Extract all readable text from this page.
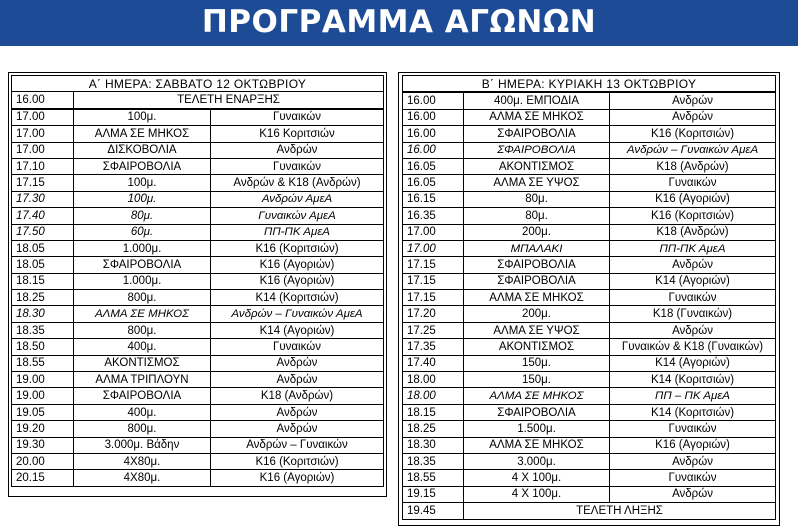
ΠΡΟΓΡΑΜΜΑ ΑΓΩΝΩΝ
Α΄ ΗΜΕΡΑ: ΣΑΒΒΑΤΟ 12 ΟΚΤΩΒΡΙΟΥ		
16.00	ΤΕΛΕΤΗ ΕΝΑΡΞΗΣ	
17.00	100μ.	Γυναικών
17.00	ΑΛΜΑ ΣΕ ΜΗΚΟΣ	Κ16 Κοριτσιών
17.00	ΔΙΣΚΟΒΟΛΙΑ	Ανδρών
17.10	ΣΦΑΙΡΟΒΟΛΙΑ	Γυναικών
17.15	100μ.	Ανδρών & Κ18 (Ανδρών)
17.30	100μ.	Ανδρών ΑμεΑ
17.40	80μ.	Γυναικών ΑμεΑ
17.50	60μ.	ΠΠ-ΠΚ ΑμεΑ
18.05	1.000μ.	Κ16 (Κοριτσιών)
18.05	ΣΦΑΙΡΟΒΟΛΙΑ	Κ16 (Αγοριών)
18.15	1.000μ.	Κ16 (Αγοριών)
18.25	800μ.	Κ14 (Κοριτσιών)
18.30	ΑΛΜΑ ΣΕ ΜΗΚΟΣ	Ανδρών – Γυναικών ΑμεΑ
18.35	800μ.	Κ14 (Αγοριών)
18.50	400μ.	Γυναικών
18.55	ΑΚΟΝΤΙΣΜΟΣ	Ανδρών
19.00	ΑΛΜΑ ΤΡΙΠΛΟΥΝ	Ανδρών
19.00	ΣΦΑΙΡΟΒΟΛΙΑ	Κ18 (Ανδρών)
19.05	400μ.	Ανδρών
19.20	800μ.	Ανδρών
19.30	3.000μ. Βάδην	Ανδρών – Γυναικών
20.00	4Χ80μ.	Κ16 (Κοριτσιών)
20.15	4Χ80μ.	Κ16 (Αγοριών)
Β΄ ΗΜΕΡΑ: ΚΥΡΙΑΚΗ 13 ΟΚΤΩΒΡΙΟΥ		
16.00	400μ. ΕΜΠΟΔΙΑ	Ανδρών
16.00	ΑΛΜΑ ΣΕ ΜΗΚΟΣ	Ανδρών
16.00	ΣΦΑΙΡΟΒΟΛΙΑ	Κ16 (Κοριτσιών)
16.00	ΣΦΑΙΡΟΒΟΛΙΑ	Ανδρών – Γυναικών ΑμεΑ
16.05	ΑΚΟΝΤΙΣΜΟΣ	Κ18 (Ανδρών)
16.05	ΑΛΜΑ ΣΕ ΥΨΟΣ	Γυναικών
16.15	80μ.	Κ16 (Αγοριών)
16.35	80μ.	Κ16 (Κοριτσιών)
17.00	200μ.	Κ18 (Ανδρών)
17.00	ΜΠΑΛΑΚΙ	ΠΠ-ΠΚ ΑμεΑ
17.15	ΣΦΑΙΡΟΒΟΛΙΑ	Ανδρών
17.15	ΣΦΑΙΡΟΒΟΛΙΑ	Κ14 (Αγοριών)
17.15	ΑΛΜΑ ΣΕ ΜΗΚΟΣ	Γυναικών
17.20	200μ.	Κ18 (Γυναικών)
17.25	ΑΛΜΑ ΣΕ ΥΨΟΣ	Ανδρών
17.35	ΑΚΟΝΤΙΣΜΟΣ	Γυναικών & Κ18 (Γυναικών)
17.40	150μ.	Κ14 (Αγοριών)
18.00	150μ.	Κ14 (Κοριτσιών)
18.00	ΑΛΜΑ ΣΕ ΜΗΚΟΣ	ΠΠ – ΠΚ ΑμεΑ
18.15	ΣΦΑΙΡΟΒΟΛΙΑ	Κ14 (Κοριτσιών)
18.25	1.500μ.	Γυναικών
18.30	ΑΛΜΑ ΣΕ ΜΗΚΟΣ	Κ16 (Αγοριών)
18.35	3.000μ.	Ανδρών
18.55	4 Χ 100μ.	Γυναικών
19.15	4 Χ 100μ.	Ανδρών
19.45	ΤΕΛΕΤΗ ΛΗΞΗΣ	
